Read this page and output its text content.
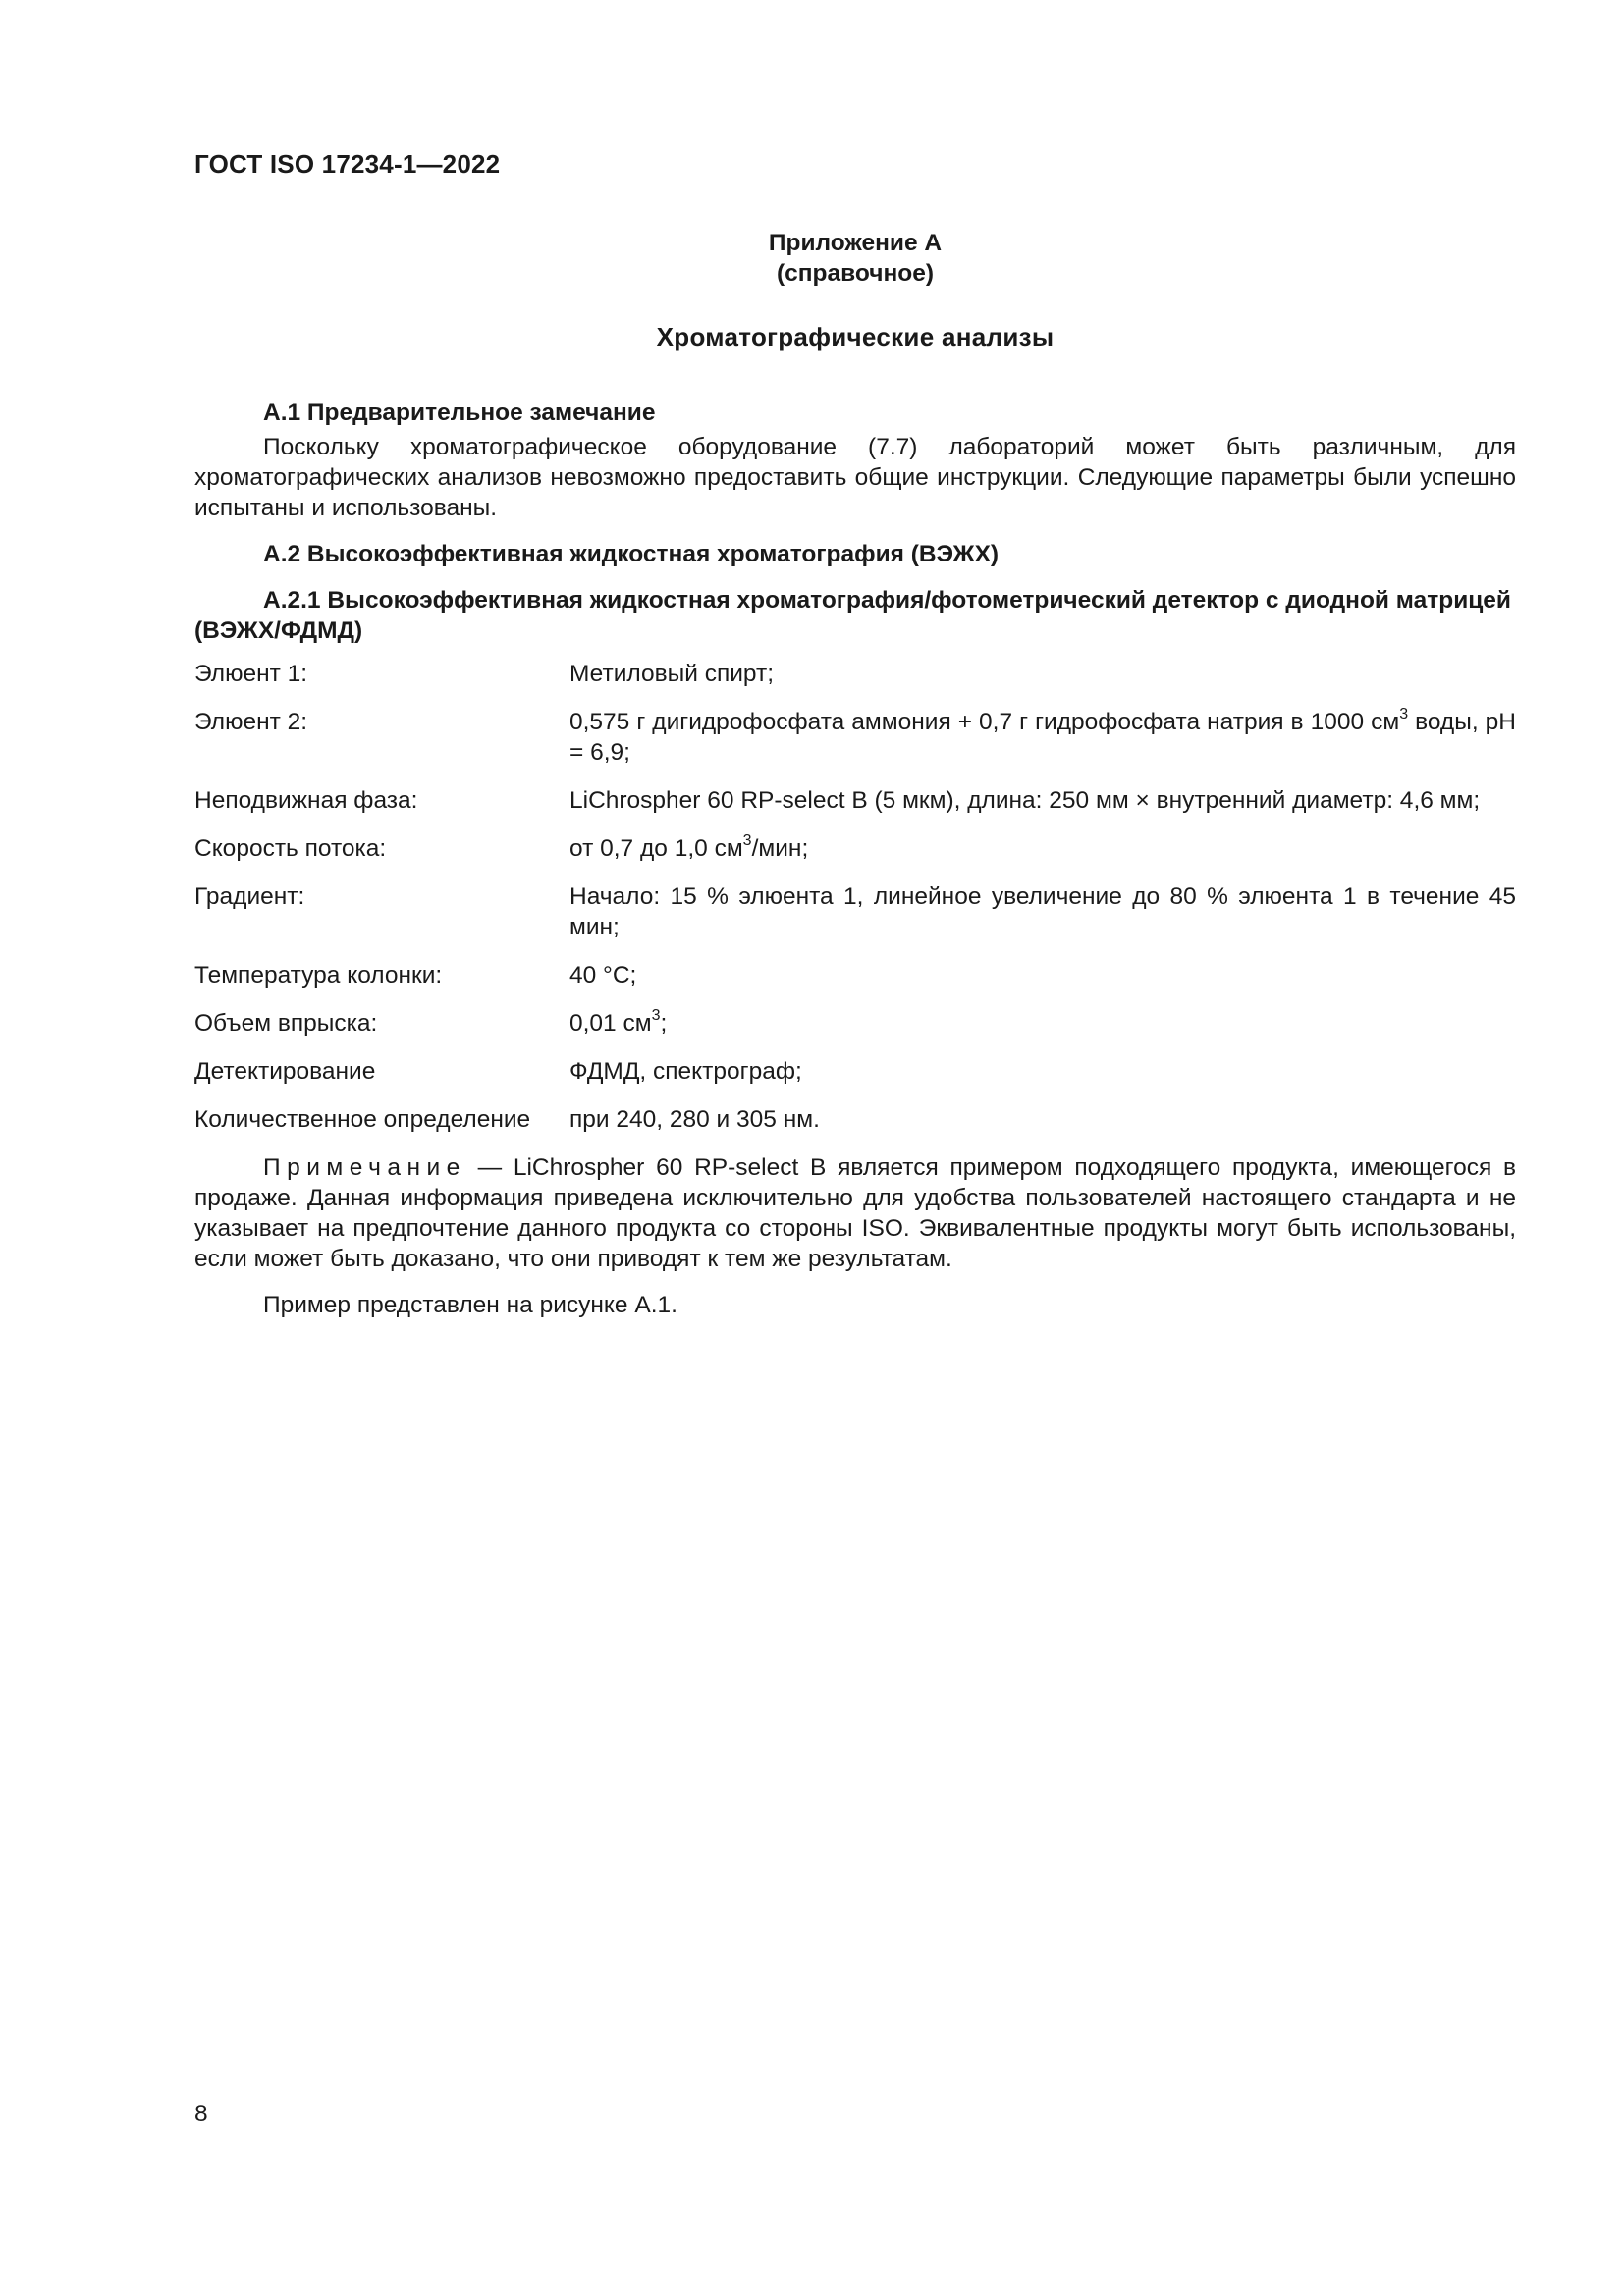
ГОСТ ISO 17234-1—2022
Приложение А
(справочное)
Хроматографические анализы

А.1 Предварительное замечание

Поскольку хроматографическое оборудование (7.7) лабораторий может быть различным, для хроматографических анализов невозможно предоставить общие инструкции. Следующие параметры были успешно испытаны и использованы.

А.2 Высокоэффективная жидкостная хроматография (ВЭЖХ)

А.2.1 Высокоэффективная жидкостная хроматография/фотометрический детектор с диодной матрицей (ВЭЖХ/ФДМД)

Элюент 1:	Метиловый спирт;
Элюент 2:	0,575 г дигидрофосфата аммония + 0,7 г гидрофосфата натрия в 1000 $см^3$ воды, рН = 6,9;
Неподвижная фаза:	LiChrospher 60 RP-select В (5 мкм), длина: 250 мм × внутренний диаметр: 4,6 мм;
Скорость потока:	от 0,7 до 1,0 $см^3$/мин;
Градиент:	Начало: 15 % элюента 1, линейное увеличение до 80 % элюента 1 в течение 45 мин;
Температура колонки:	40 °С;
Объем впрыска:	0,01 $см^3$;
Детектирование	ФДМД, спектрограф;
Количественное определение	при 240, 280 и 305 нм.

Примечание — LiChrospher 60 RP-select В является примером подходящего продукта, имеющегося в продаже. Данная информация приведена исключительно для удобства пользователей настоящего стандарта и не указывает на предпочтение данного продукта со стороны ISO. Эквивалентные продукты могут быть использованы, если может быть доказано, что они приводят к тем же результатам.

Пример представлен на рисунке А.1.

8
